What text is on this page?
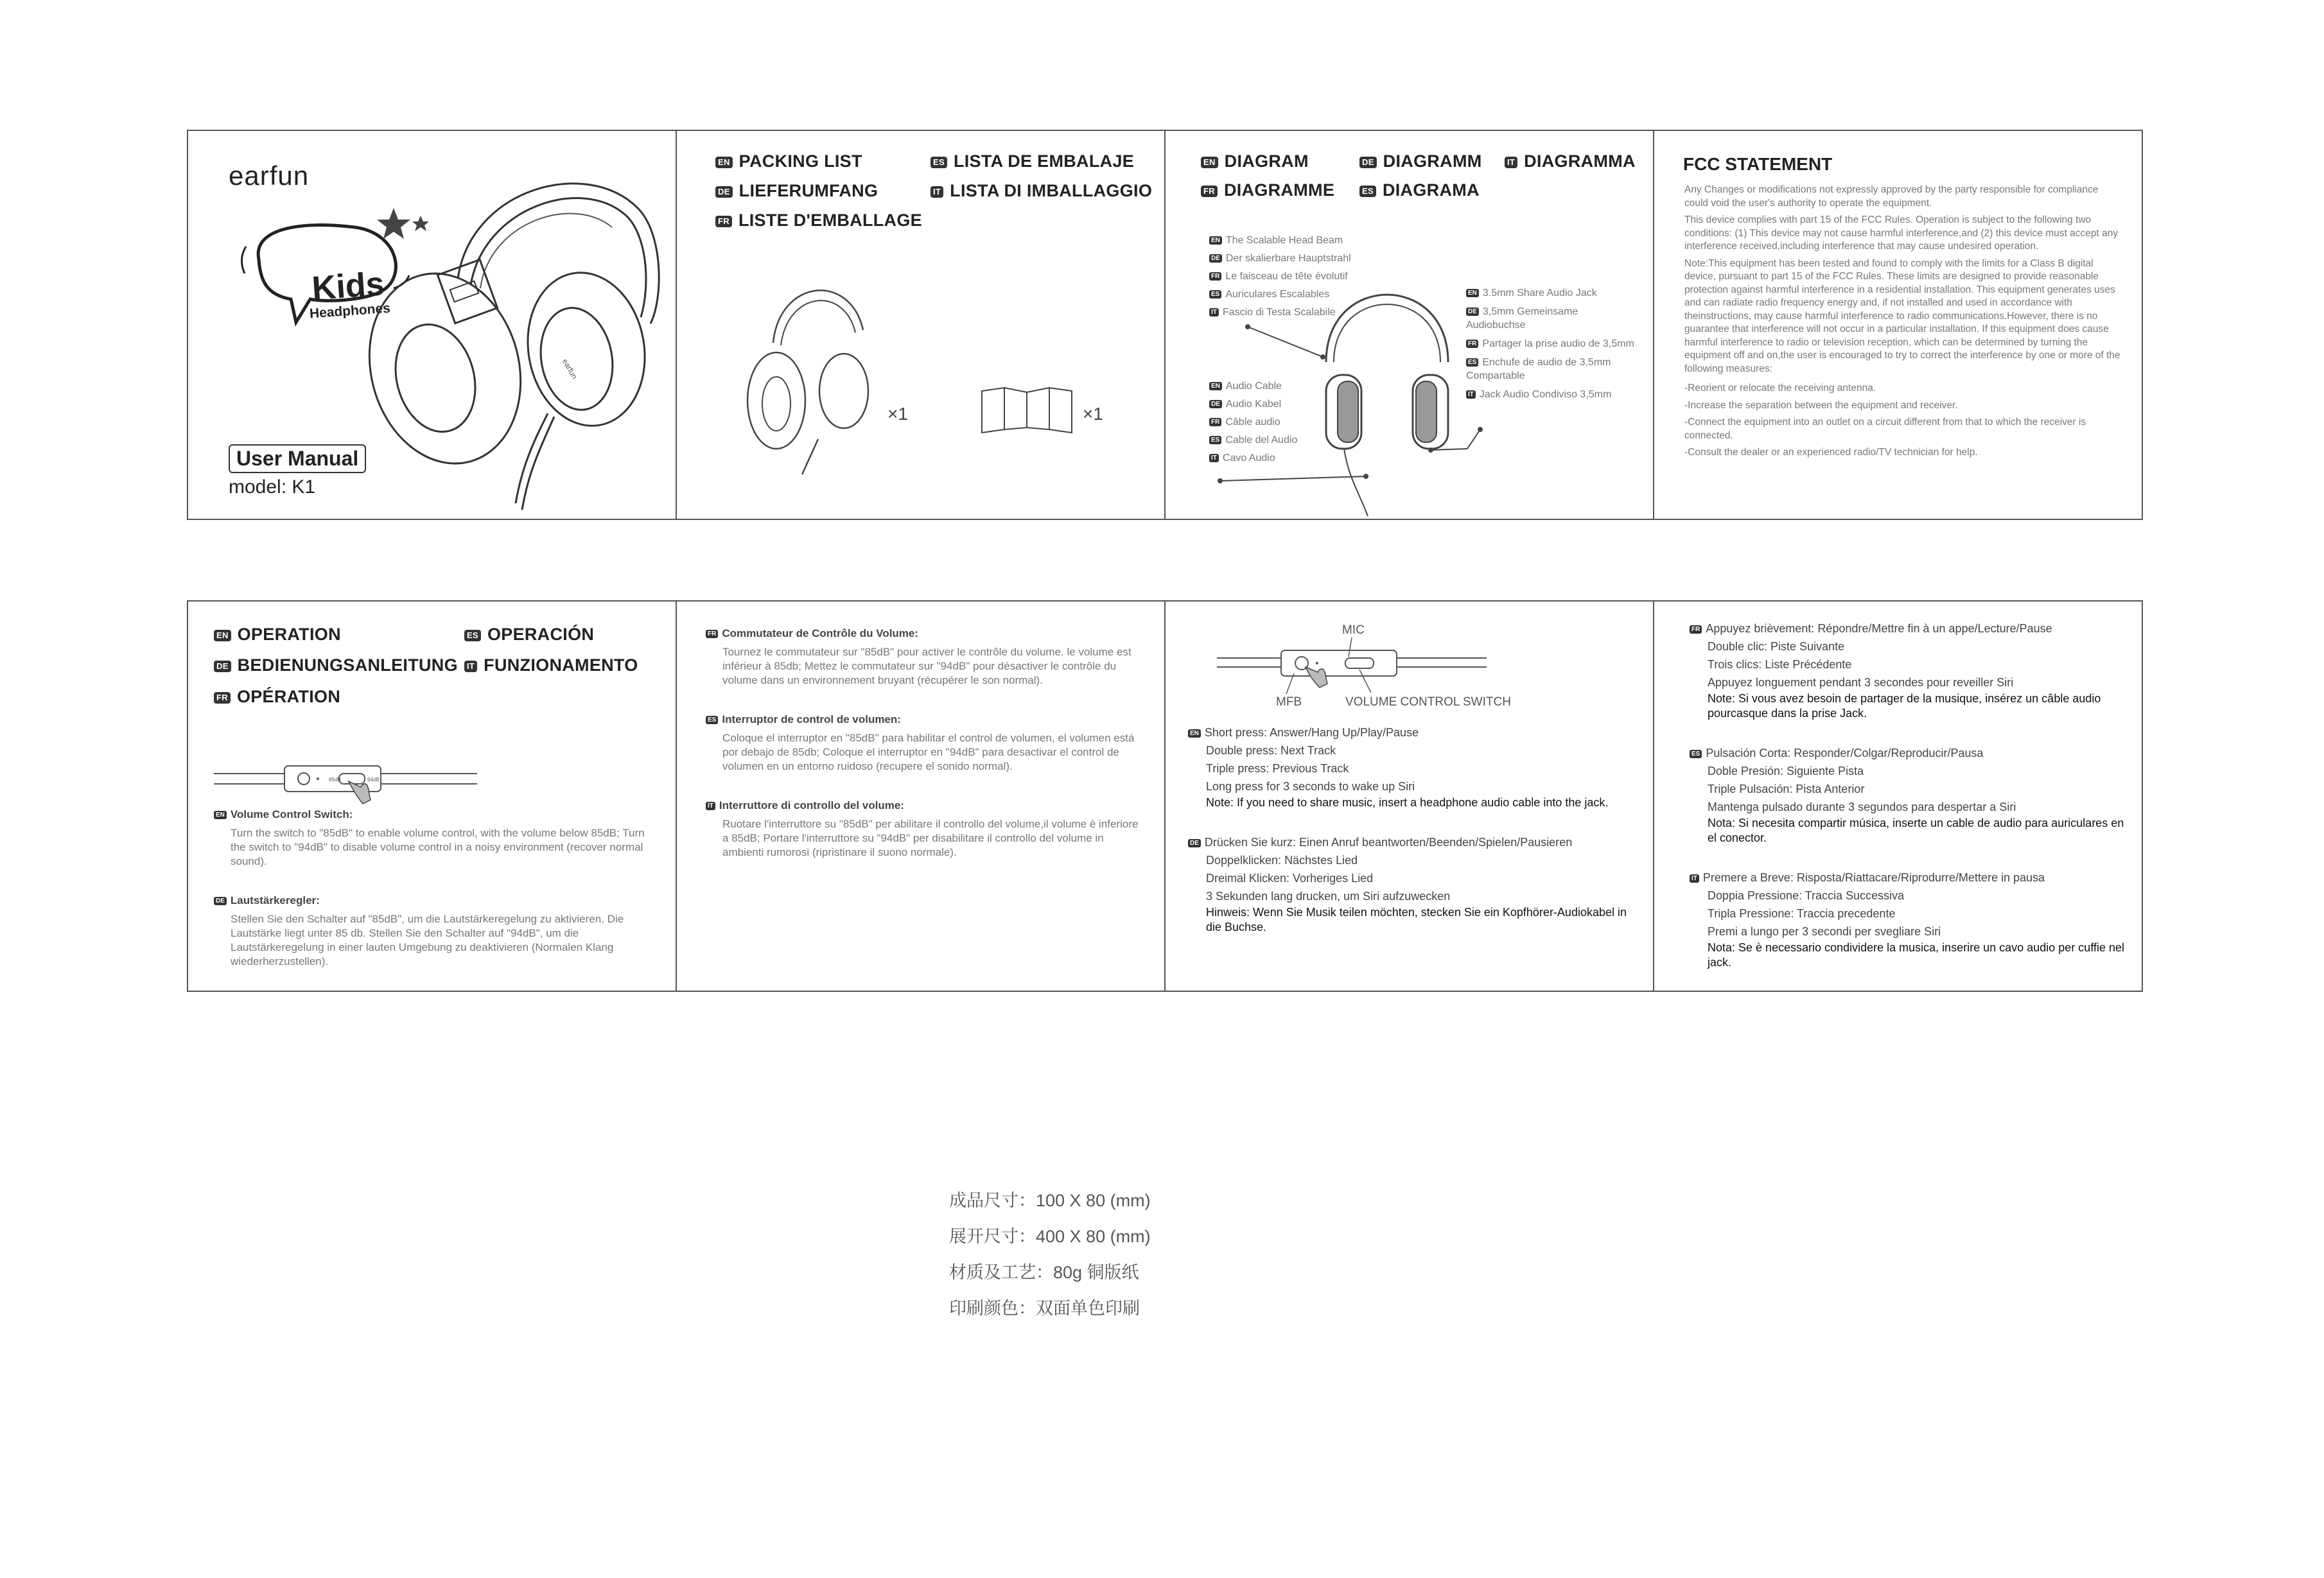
earfun
earfun
Kids
Headphones
User Manual
model: K1
EN PACKING LIST	ES LISTA DE EMBALAJE
DE LIEFERUMFANG	IT LISTA DI IMBALLAGGIO
FR LISTE D'EMBALLAGE
×1	×1
EN DIAGRAM	DE DIAGRAMM	IT DIAGRAMMA
FR DIAGRAMME	ES DIAGRAMA
EN The Scalable Head Beam
DE Der skalierbare Hauptstrahl
FR Le faisceau de tête évolutif
ES Auriculares Escalables
IT Fascio di Testa Scalabile
EN 3.5mm Share Audio Jack
DE 3,5mm Gemeinsame Audiobuchse
FR Partager la prise audio de 3,5mm
ES Enchufe de audio de 3,5mm Compartable
IT Jack Audio Condiviso 3,5mm
EN Audio Cable
DE Audio Kabel
FR Câble audio
ES Cable del Audio
IT Cavo Audio
FCC STATEMENT

Any Changes or modifications not expressly approved by the party responsible for compliance could void the user's authority to operate the equipment.

This device complies with part 15 of the FCC Rules. Operation is subject to the following two conditions: (1) This device may not cause harmful interference,and (2) this device must accept any interference received,including interference that may cause undesired operation.

Note:This equipment has been tested and found to comply with the limits for a Class B digital device, pursuant to part 15 of the FCC Rules. These limits are designed to provide reasonable protection against harmful interference in a residential installation. This equipment generates uses and can radiate radio frequency energy and, if not installed and used in accordance with theinstructions, may cause harmful interference to radio communications.However, there is no guarantee that interference will not occur in a particular installation. If this equipment does cause harmful interference to radio or television reception, which can be determined by turning the equipment off and on,the user is encouraged to try to correct the interference by one or more of the following measures:

-Reorient or relocate the receiving antenna.

-Increase the separation between the equipment and receiver.

-Connect the equipment into an outlet on a circuit different from that to which the receiver is connected.

-Consult the dealer or an experienced radio/TV technician for help.

EN OPERATION	ES OPERACIÓN
DE BEDIENUNGSANLEITUNG	IT FUNZIONAMENTO
FR OPÉRATION
85dB	94dB
EN Volume Control Switch:
Turn the switch to "85dB" to enable volume control, with the volume below 85dB; Turn the switch to "94dB" to disable volume control in a noisy environment (recover normal sound).
DE Lautstärkeregler:
Stellen Sie den Schalter auf "85dB", um die Lautstärkeregelung zu aktivieren. Die Lautstärke liegt unter 85 db. Stellen Sie den Schalter auf "94dB", um die Lautstärkeregelung in einer lauten Umgebung zu deaktivieren (Normalen Klang wiederherzustellen).
FR Commutateur de Contrôle du Volume:
Tournez le commutateur sur "85dB" pour activer le contrôle du volume. le volume est inférieur à 85db; Mettez le commutateur sur "94dB" pour désactiver le contrôle du volume dans un environnement bruyant (récupérer le son normal).
ES Interruptor de control de volumen:
Coloque el interruptor en "85dB" para habilitar el control de volumen, el volumen está por debajo de 85db; Coloque el interruptor en "94dB" para desactivar el control de volumen en un entorno ruidoso (recupere el sonido normal).
IT Interruttore di controllo del volume:
Ruotare l'interruttore su "85dB" per abilitare il controllo del volume,il volume è inferiore a 85dB; Portare l'interruttore su "94dB" per disabilitare il controllo del volume in ambienti rumorosi (ripristinare il suono normale).
MIC
MFB	VOLUME CONTROL SWITCH
EN Short press: Answer/Hang Up/Play/Pause
Double press: Next Track
Triple press: Previous Track
Long press for 3 seconds to wake up Siri
Note: If you need to share music, insert a headphone audio cable into the jack.
DE Drücken Sie kurz: Einen Anruf beantworten/Beenden/Spielen/Pausieren
Doppelklicken: Nächstes Lied
Dreimal Klicken: Vorheriges Lied
3 Sekunden lang drucken, um Siri aufzuwecken
Hinweis: Wenn Sie Musik teilen möchten, stecken Sie ein Kopfhörer-Audiokabel in die Buchse.
FR Appuyez brièvement: Répondre/Mettre fin à un appe/Lecture/Pause
Double clic: Piste Suivante
Trois clics: Liste Précédente
Appuyez longuement pendant 3 secondes pour reveiller Siri
Note: Si vous avez besoin de partager de la musique, insérez un câble audio pourcasque dans la prise Jack.
ES Pulsación Corta: Responder/Colgar/Reproducir/Pausa
Doble Presión: Siguiente Pista
Triple Pulsación: Pista Anterior
Mantenga pulsado durante 3 segundos para despertar a Siri
Nota: Si necesita compartir música, inserte un cable de audio para auriculares en el conector.
IT Premere a Breve: Risposta/Riattacare/Riprodurre/Mettere in pausa
Doppia Pressione: Traccia Successiva
Tripla Pressione: Traccia precedente
Premi a lungo per 3 secondi per svegliare Siri
Nota: Se è necessario condividere la musica, inserire un cavo audio per cuffie nel jack.
成品尺寸：100 X 80 (mm)
展开尺寸：400 X 80 (mm)
材质及工艺：80g 铜版纸
印刷颜色：双面单色印刷
